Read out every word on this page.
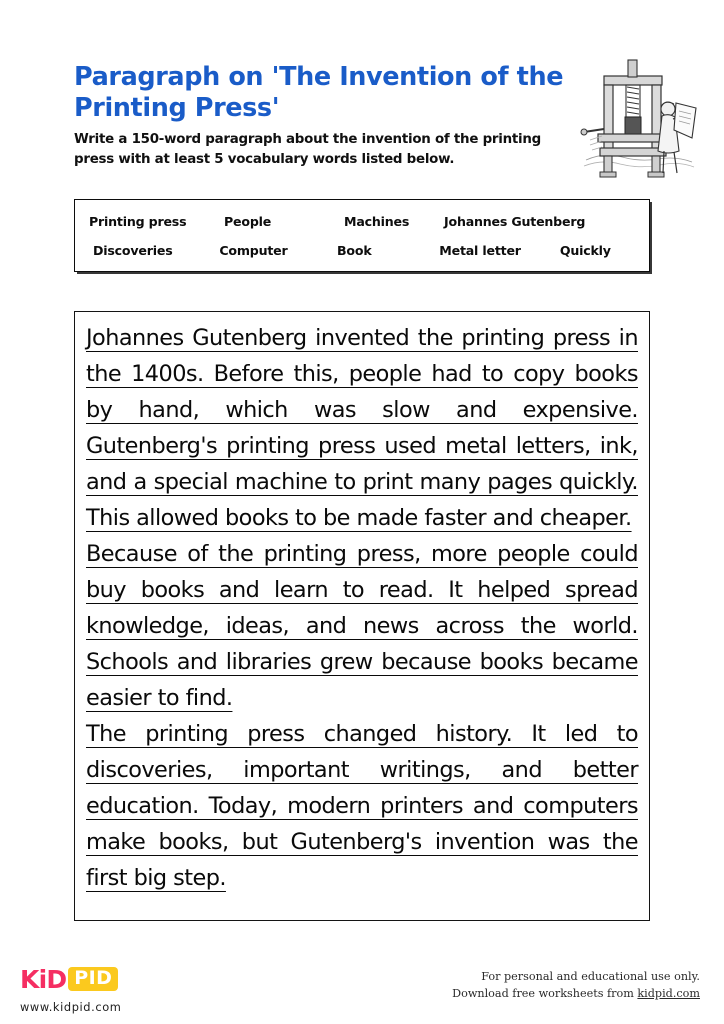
Paragraph on 'The Invention of the Printing Press'

Write a 150-word paragraph about the invention of the printing press with at least 5 vocabulary words listed below.

Printing press	People	Machines	Johannes Gutenberg
Discoveries	Computer	Book	Metal letter	Quickly

Johannes Gutenberg invented the printing press in the 1400s. Before this, people had to copy books by hand, which was slow and expensive. Gutenberg's printing press used metal letters, ink, and a special machine to print many pages quickly. This allowed books to be made faster and cheaper.

Because of the printing press, more people could buy books and learn to read. It helped spread knowledge, ideas, and news across the world. Schools and libraries grew because books became easier to find.

The printing press changed history. It led to discoveries, important writings, and better education. Today, modern printers and computers make books, but Gutenberg's invention was the first big step.

KiD PID
www.kidpid.com
For personal and educational use only.
Download free worksheets from kidpid.com
